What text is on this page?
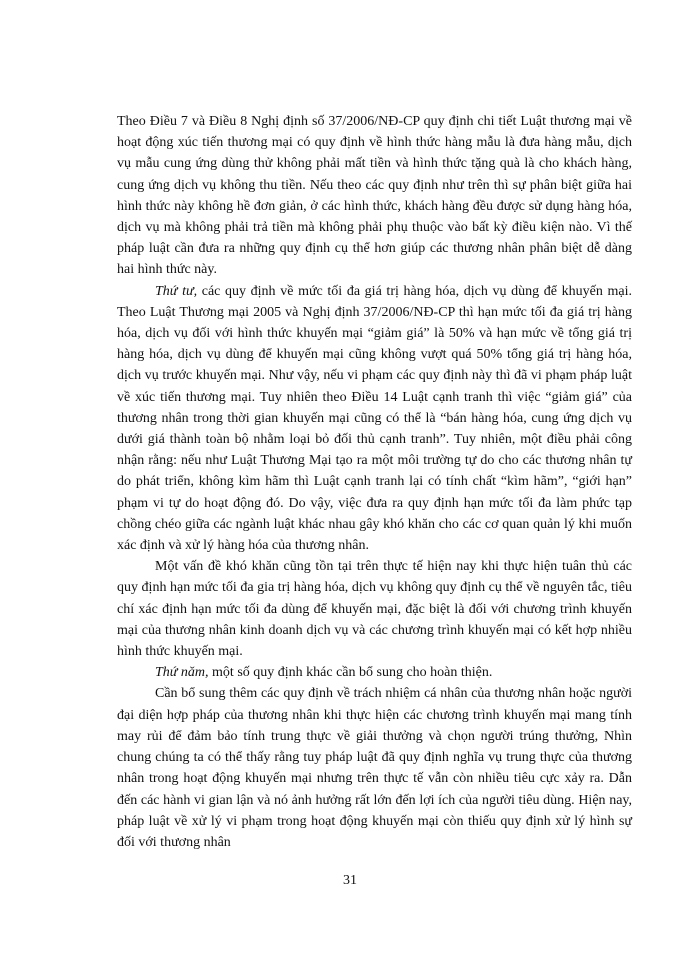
Theo Điều 7 và Điều 8 Nghị định số 37/2006/NĐ-CP quy định chi tiết Luật thương mại về hoạt động xúc tiến thương mại có quy định về hình thức hàng mẫu là đưa hàng mẫu, dịch vụ mẫu cung ứng dùng thử không phải mất tiền và hình thức tặng quà là cho khách hàng, cung ứng dịch vụ không thu tiền. Nếu theo các quy định như trên thì sự phân biệt giữa hai hình thức này không hề đơn giản, ở các hình thức, khách hàng đều được sử dụng hàng hóa, dịch vụ mà không phải trả tiền mà không phải phụ thuộc vào bất kỳ điều kiện nào. Vì thế pháp luật cần đưa ra những quy định cụ thể hơn giúp các thương nhân phân biệt dễ dàng hai hình thức này.

Thứ tư, các quy định về mức tối đa giá trị hàng hóa, dịch vụ dùng để khuyến mại. Theo Luật Thương mại 2005 và Nghị định 37/2006/NĐ-CP thì hạn mức tối đa giá trị hàng hóa, dịch vụ đối với hình thức khuyến mại “giảm giá” là 50% và hạn mức về tổng giá trị hàng hóa, dịch vụ dùng để khuyến mại cũng không vượt quá 50% tổng giá trị hàng hóa, dịch vụ trước khuyến mại. Như vậy, nếu vi phạm các quy định này thì đã vi phạm pháp luật về xúc tiến thương mại. Tuy nhiên theo Điều 14 Luật cạnh tranh thì việc “giảm giá” của thương nhân trong thời gian khuyến mại cũng có thể là “bán hàng hóa, cung ứng dịch vụ dưới giá thành toàn bộ nhằm loại bỏ đối thủ cạnh tranh”. Tuy nhiên, một điều phải công nhận rằng: nếu như Luật Thương Mại tạo ra một môi trường tự do cho các thương nhân tự do phát triển, không kìm hãm thì Luật cạnh tranh lại có tính chất “kìm hãm”, “giới hạn” phạm vi tự do hoạt động đó. Do vậy, việc đưa ra quy định hạn mức tối đa làm phức tạp chồng chéo giữa các ngành luật khác nhau gây khó khăn cho các cơ quan quản lý khi muốn xác định và xử lý hàng hóa của thương nhân.

Một vấn đề khó khăn cũng tồn tại trên thực tế hiện nay khi thực hiện tuân thủ các quy định hạn mức tối đa gia trị hàng hóa, dịch vụ không quy định cụ thể về nguyên tắc, tiêu chí xác định hạn mức tối đa dùng để khuyến mại, đặc biệt là đối với chương trình khuyến mại của thương nhân kinh doanh dịch vụ và các chương trình khuyến mại có kết hợp nhiều hình thức khuyến mại.

Thứ năm, một số quy định khác cần bổ sung cho hoàn thiện.

Cần bổ sung thêm các quy định về trách nhiệm cá nhân của thương nhân hoặc người đại diện hợp pháp của thương nhân khi thực hiện các chương trình khuyến mại mang tính may rủi để đảm bảo tính trung thực về giải thưởng và chọn người trúng thưởng, Nhìn chung chúng ta có thể thấy rằng tuy pháp luật đã quy định nghĩa vụ trung thực của thương nhân trong hoạt động khuyến mại nhưng trên thực tế vẫn còn nhiều tiêu cực xảy ra. Dẫn đến các hành vi gian lận và nó ảnh hưởng rất lớn đến lợi ích của người tiêu dùng. Hiện nay, pháp luật về xử lý vi phạm trong hoạt động khuyến mại còn thiếu quy định xử lý hình sự đối với thương nhân

31
